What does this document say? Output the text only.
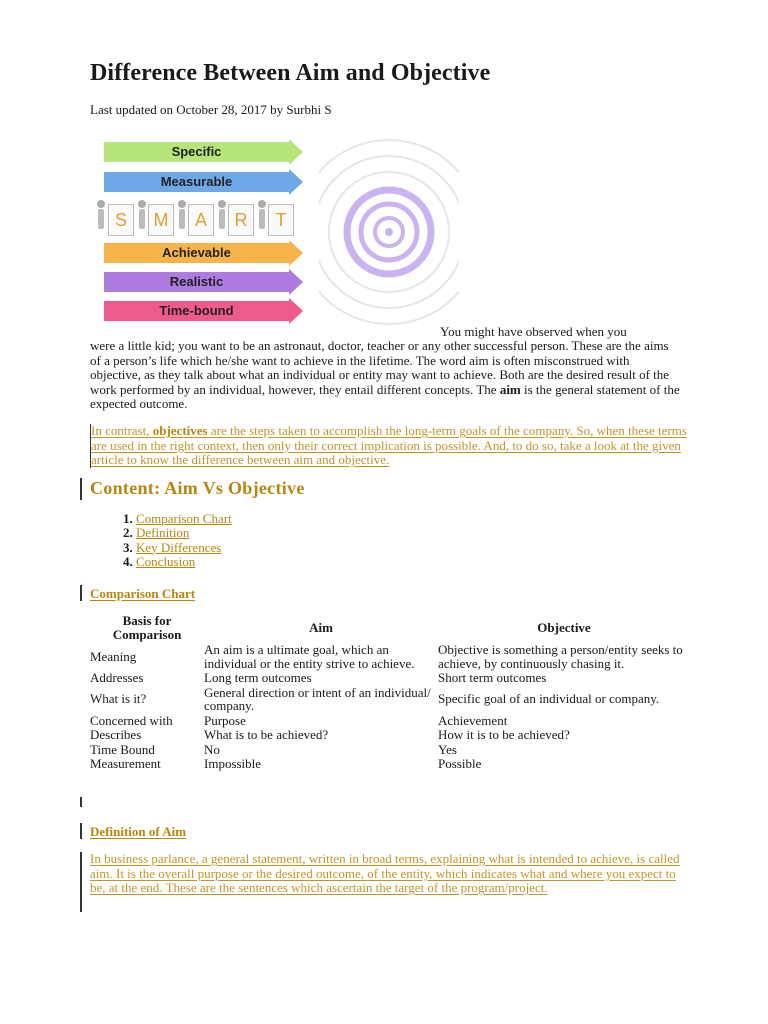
Difference Between Aim and Objective
Last updated on October 28, 2017 by Surbhi S
Specific
Measurable
S	M	A	R	T
Achievable
Realistic
Time-bound
You might have observed when you
were a little kid; you want to be an astronaut, doctor, teacher or any other successful person. These are the aims of a person’s life which he/she want to achieve in the lifetime. The word aim is often misconstrued with objective, as they talk about what an individual or entity may want to achieve. Both are the desired result of the work performed by an individual, however, they entail different concepts. The aim is the general statement of the expected outcome.

In contrast, objectives are the steps taken to accomplish the long-term goals of the company. So, when these terms are used in the right context, then only their correct implication is possible. And, to do so, take a look at the given article to know the difference between aim and objective.

Content: Aim Vs Objective
1. Comparison Chart
2. Definition
3. Key Differences
4. Conclusion
Comparison Chart
Basis for Comparison	Aim	Objective
Meaning	An aim is a ultimate goal, which an individual or the entity strive to achieve.	Objective is something a person/entity seeks to achieve, by continuously chasing it.
Addresses	Long term outcomes	Short term outcomes
What is it?	General direction or intent of an individual/ company.	Specific goal of an individual or company.
Concerned with	Purpose	Achievement
Describes	What is to be achieved?	How it is to be achieved?
Time Bound	No	Yes
Measurement	Impossible	Possible
Definition of Aim

In business parlance, a general statement, written in broad terms, explaining what is intended to achieve, is called aim. It is the overall purpose or the desired outcome, of the entity, which indicates what and where you expect to be, at the end. These are the sentences which ascertain the target of the program/project.
